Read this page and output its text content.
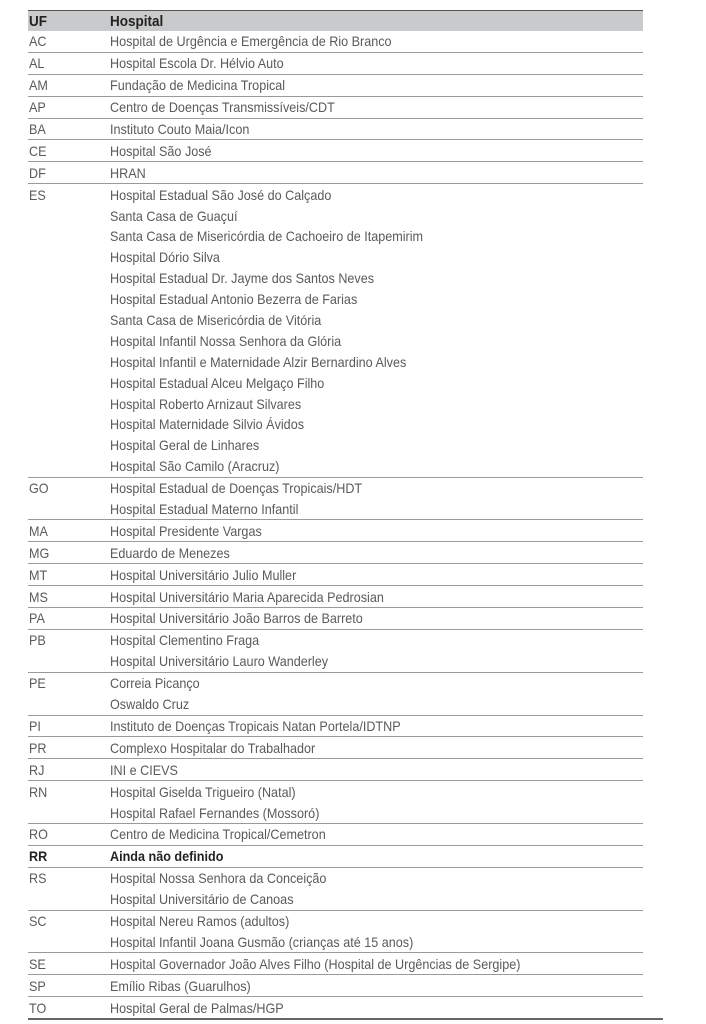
UF	Hospital
AC	Hospital de Urgência e Emergência de Rio Branco
AL	Hospital Escola Dr. Hélvio Auto
AM	Fundação de Medicina Tropical
AP	Centro de Doenças Transmissíveis/CDT
BA	Instituto Couto Maia/Icon
CE	Hospital São José
DF	HRAN
ES	Hospital Estadual São José do Calçado
Santa Casa de Guaçuí
Santa Casa de Misericórdia de Cachoeiro de Itapemirim
Hospital Dório Silva
Hospital Estadual Dr. Jayme dos Santos Neves
Hospital Estadual Antonio Bezerra de Farias
Santa Casa de Misericórdia de Vitória
Hospital Infantil Nossa Senhora da Glória
Hospital Infantil e Maternidade Alzir Bernardino Alves
Hospital Estadual Alceu Melgaço Filho
Hospital Roberto Arnizaut Silvares
Hospital Maternidade Silvio Ávidos
Hospital Geral de Linhares
Hospital São Camilo (Aracruz)
GO	Hospital Estadual de Doenças Tropicais/HDT
Hospital Estadual Materno Infantil
MA	Hospital Presidente Vargas
MG	Eduardo de Menezes
MT	Hospital Universitário Julio Muller
MS	Hospital Universitário Maria Aparecida Pedrosian
PA	Hospital Universitário João Barros de Barreto
PB	Hospital Clementino Fraga
Hospital Universitário Lauro Wanderley
PE	Correia Picanço
Oswaldo Cruz
PI	Instituto de Doenças Tropicais Natan Portela/IDTNP
PR	Complexo Hospitalar do Trabalhador
RJ	INI e CIEVS
RN	Hospital Giselda Trigueiro (Natal)
Hospital Rafael Fernandes (Mossoró)
RO	Centro de Medicina Tropical/Cemetron
RR	Ainda não definido
RS	Hospital Nossa Senhora da Conceição
Hospital Universitário de Canoas
SC	Hospital Nereu Ramos (adultos)
Hospital Infantil Joana Gusmão (crianças até 15 anos)
SE	Hospital Governador João Alves Filho (Hospital de Urgências de Sergipe)
SP	Emílio Ribas (Guarulhos)
TO	Hospital Geral de Palmas/HGP
